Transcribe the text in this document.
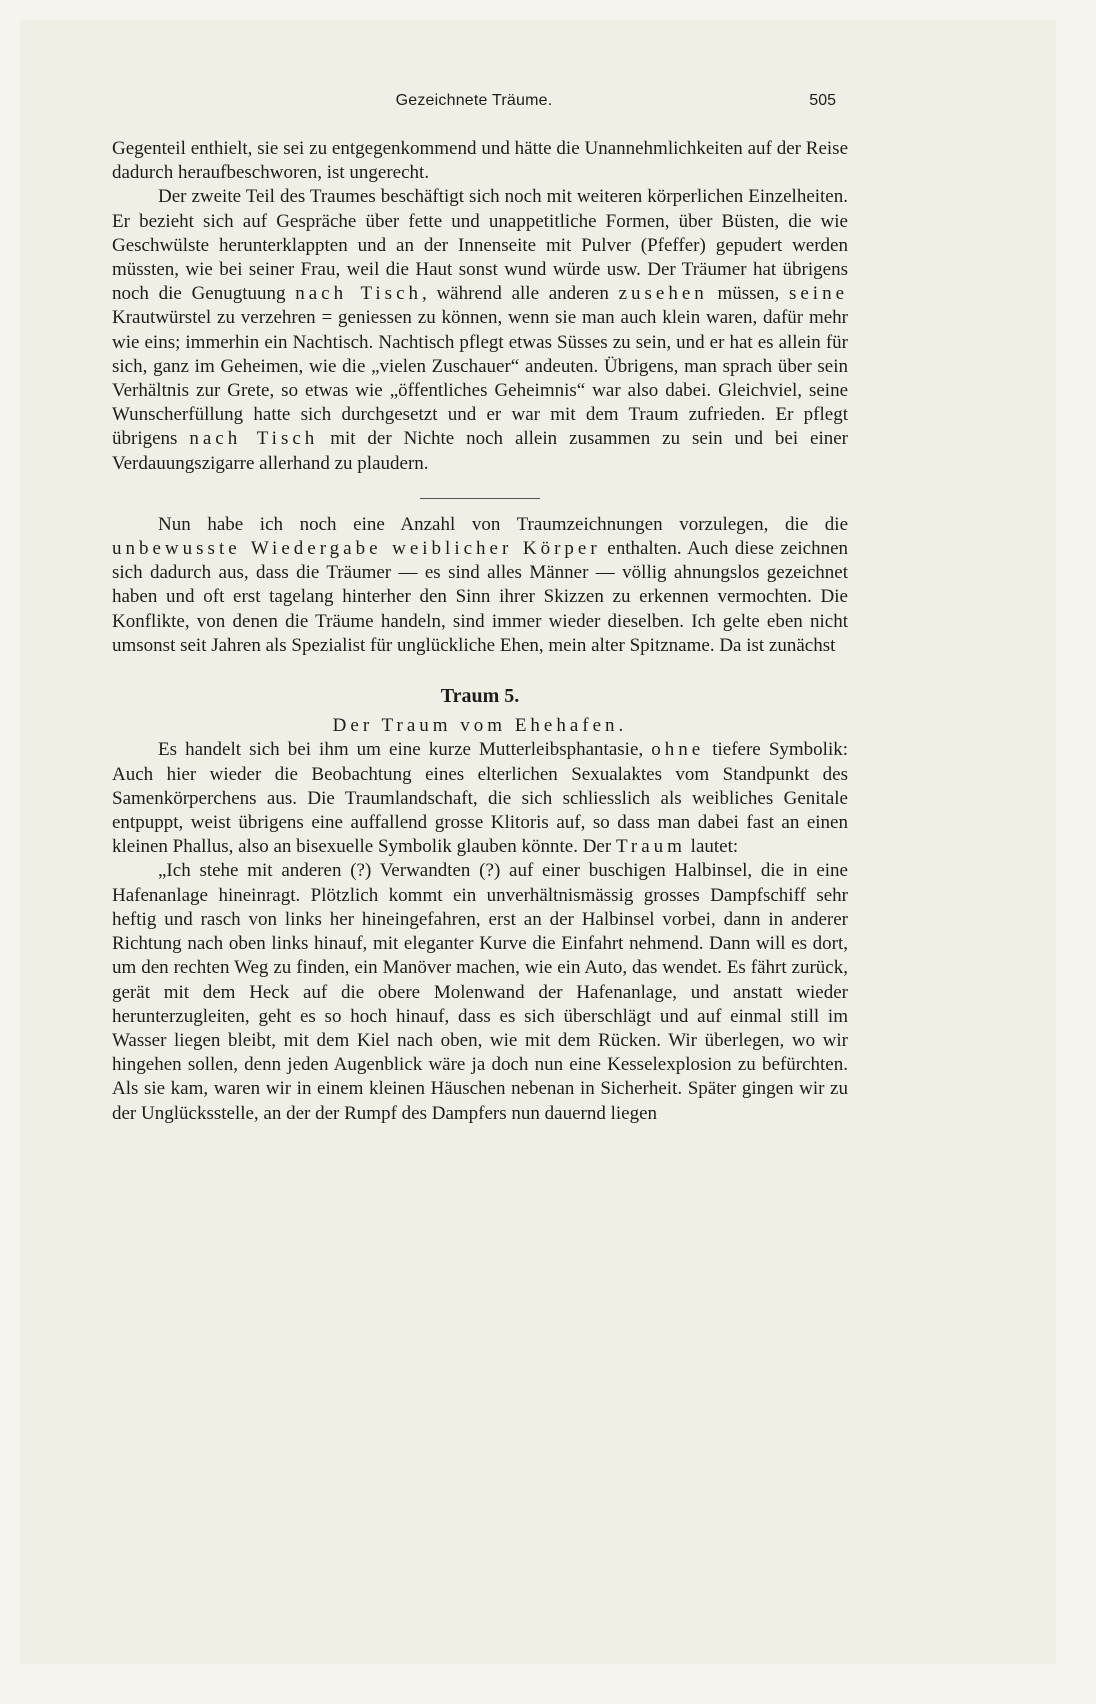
Gezeichnete Träume.	505

Gegenteil enthielt, sie sei zu entgegenkommend und hätte die Unannehmlichkeiten auf der Reise dadurch heraufbeschworen, ist ungerecht.

Der zweite Teil des Traumes beschäftigt sich noch mit weiteren körperlichen Einzelheiten. Er bezieht sich auf Gespräche über fette und unappetitliche Formen, über Büsten, die wie Geschwülste herunterklappten und an der Innenseite mit Pulver (Pfeffer) gepudert werden müssten, wie bei seiner Frau, weil die Haut sonst wund würde usw. Der Träumer hat übrigens noch die Genugtuung nach Tisch, während alle anderen zusehen müssen, seine Krautwürstel zu verzehren = geniessen zu können, wenn sie man auch klein waren, dafür mehr wie eins; immerhin ein Nachtisch. Nachtisch pflegt etwas Süsses zu sein, und er hat es allein für sich, ganz im Geheimen, wie die „vielen Zuschauer“ andeuten. Übrigens, man sprach über sein Verhältnis zur Grete, so etwas wie „öffentliches Geheimnis“ war also dabei. Gleichviel, seine Wunscherfüllung hatte sich durchgesetzt und er war mit dem Traum zufrieden. Er pflegt übrigens nach Tisch mit der Nichte noch allein zusammen zu sein und bei einer Verdauungszigarre allerhand zu plaudern.

Nun habe ich noch eine Anzahl von Traumzeichnungen vorzulegen, die die unbewusste Wiedergabe weiblicher Körper enthalten. Auch diese zeichnen sich dadurch aus, dass die Träumer — es sind alles Männer — völlig ahnungslos gezeichnet haben und oft erst tagelang hinterher den Sinn ihrer Skizzen zu erkennen vermochten. Die Konflikte, von denen die Träume handeln, sind immer wieder dieselben. Ich gelte eben nicht umsonst seit Jahren als Spezialist für unglückliche Ehen, mein alter Spitzname. Da ist zunächst

Traum 5.
Der Traum vom Ehehafen.

Es handelt sich bei ihm um eine kurze Mutterleibsphantasie, ohne tiefere Symbolik: Auch hier wieder die Beobachtung eines elterlichen Sexualaktes vom Standpunkt des Samenkörperchens aus. Die Traumlandschaft, die sich schliesslich als weibliches Genitale entpuppt, weist übrigens eine auffallend grosse Klitoris auf, so dass man dabei fast an einen kleinen Phallus, also an bisexuelle Symbolik glauben könnte. Der Traum lautet:

„Ich stehe mit anderen (?) Verwandten (?) auf einer buschigen Halbinsel, die in eine Hafenanlage hineinragt. Plötzlich kommt ein unverhältnismässig grosses Dampfschiff sehr heftig und rasch von links her hineingefahren, erst an der Halbinsel vorbei, dann in anderer Richtung nach oben links hinauf, mit eleganter Kurve die Einfahrt nehmend. Dann will es dort, um den rechten Weg zu finden, ein Manöver machen, wie ein Auto, das wendet. Es fährt zurück, gerät mit dem Heck auf die obere Molenwand der Hafenanlage, und anstatt wieder herunterzugleiten, geht es so hoch hinauf, dass es sich überschlägt und auf einmal still im Wasser liegen bleibt, mit dem Kiel nach oben, wie mit dem Rücken. Wir überlegen, wo wir hingehen sollen, denn jeden Augenblick wäre ja doch nun eine Kesselexplosion zu befürchten. Als sie kam, waren wir in einem kleinen Häuschen nebenan in Sicherheit. Später gingen wir zu der Unglücksstelle, an der der Rumpf des Dampfers nun dauernd liegen
